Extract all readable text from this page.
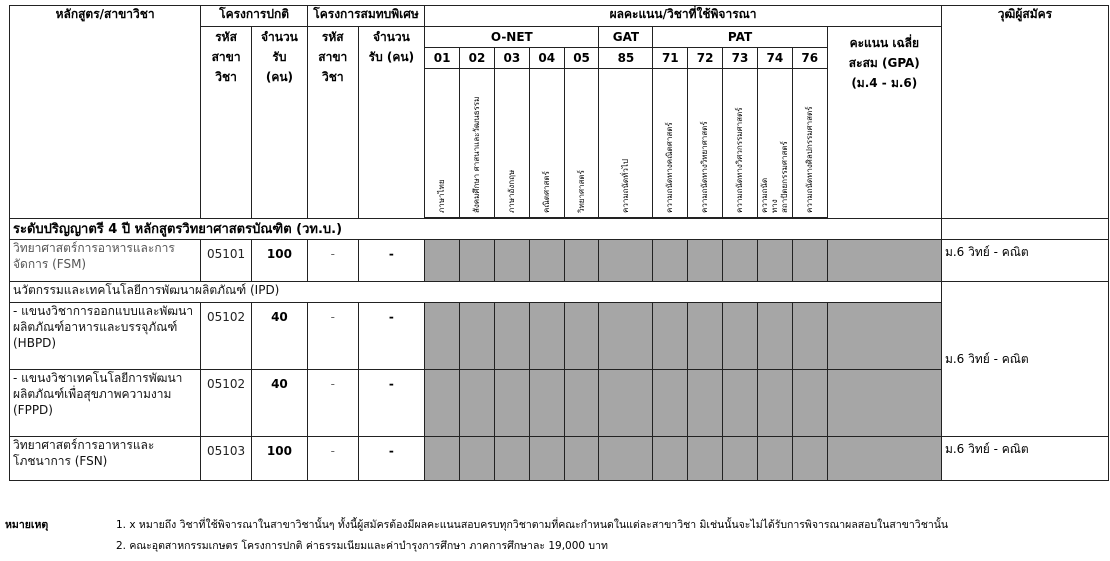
หลักสูตร/สาขาวิชา	โครงการปกติ		โครงการสมทบพิเศษ		ผลคะแนน/วิชาที่ใช้พิจารณา												วุฒิผู้สมัคร
	รหัส สาขา วิชา	จำนวน รับ (คน)	รหัส สาขา วิชา	จำนวน รับ (คน)	O-NET					GAT	PAT					คะแนน เฉลี่ยสะสม (GPA) (ม.4 - ม.6)	
					01	02	03	04	05	85	71	72	73	74	76		

					ภาษาไทย	สังคมศึกษา ศาสนาและวัฒนธรรม	ภาษาอังกฤษ	คณิตศาสตร์	วิทยาศาสตร์	ความถนัดทั่วไป	ความถนัดทางคณิตศาสตร์	ความถนัดทางวิทยาศาสตร์	ความถนัดทางวิศวกรรมศาสตร์	ความถนัดทางสถาปัตยกรรมศาสตร์	ความถนัดทางศิลปกรรมศาสตร์		

ระดับปริญญาตรี 4 ปี หลักสูตรวิทยาศาสตรบัณฑิต (วท.บ.)																	
วิทยาศาสตร์การอาหารและการจัดการ (FSM)	05101	100	-	-													ม.6 วิทย์ - คณิต
นวัตกรรมและเทคโนโลยีการพัฒนาผลิตภัณฑ์ (IPD)																	ม.6 วิทย์ - คณิต
- แขนงวิชาการออกแบบและพัฒนาผลิตภัณฑ์อาหารและบรรจุภัณฑ์ (HBPD)	05102	40	-	-													
- แขนงวิชาเทคโนโลยีการพัฒนาผลิตภัณฑ์เพื่อสุขภาพความงาม (FPPD)	05102	40	-	-													
วิทยาศาสตร์การอาหารและโภชนาการ (FSN)	05103	100	-	-													ม.6 วิทย์ - คณิต
หมายเหตุ	1. x หมายถึง วิชาที่ใช้พิจารณาในสาขาวิชานั้นๆ ทั้งนี้ผู้สมัครต้องมีผลคะแนนสอบครบทุกวิชาตามที่คณะกำหนดในแต่ละสาขาวิชา มิเช่นนั้นจะไม่ได้รับการพิจารณาผลสอบในสาขาวิชานั้น
2. คณะอุตสาหกรรมเกษตร โครงการปกติ ค่าธรรมเนียมและค่าบำรุงการศึกษา ภาคการศึกษาละ 19,000 บาท
